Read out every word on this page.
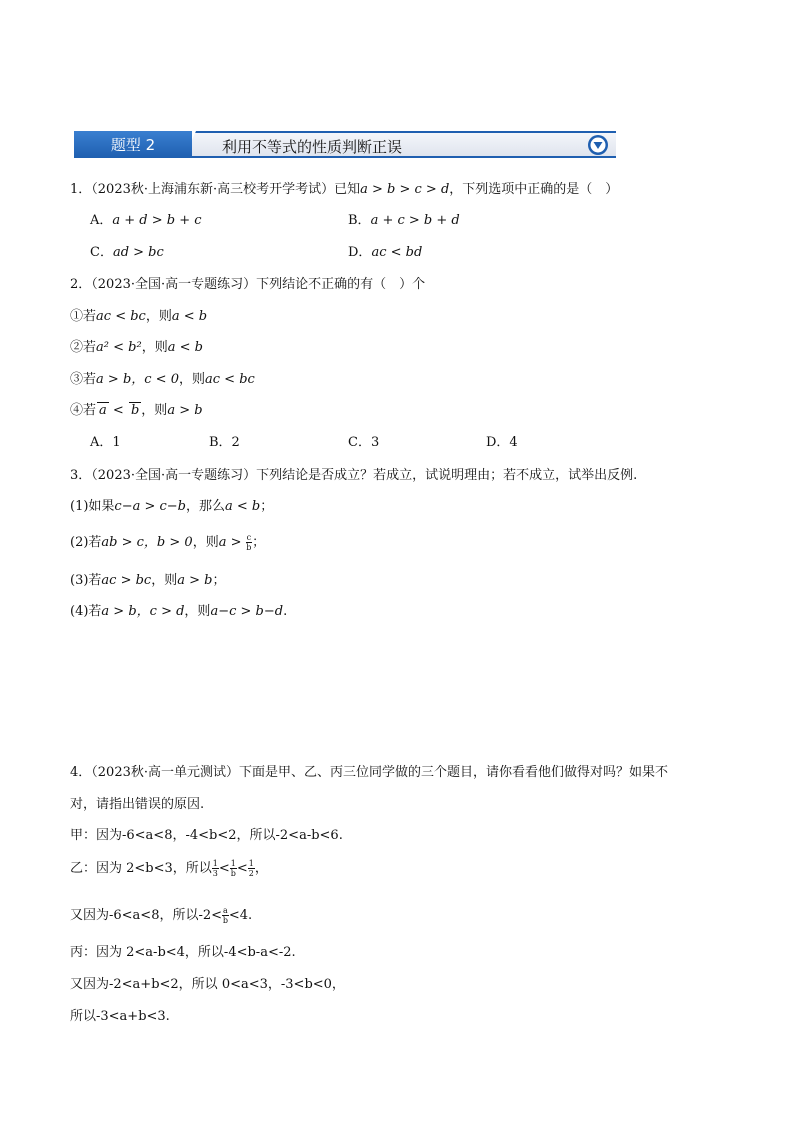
题型 2	利用不等式的性质判断正误
1．（2023秋·上海浦东新·高三校考开学考试）已知a > b > c > d，下列选项中正确的是（　）
A．a + d > b + c	B．a + c > b + d
C．ad > bc	D．ac < bd
2．（2023·全国·高一专题练习）下列结论不正确的有（　）个
①若ac < bc，则a < b
②若a² < b²，则a < b
③若a > b，c < 0，则ac < bc
④若 a < b ，则a > b
A．1	B．2	C．3	D．4
3．（2023·全国·高一专题练习）下列结论是否成立？若成立，试说明理由；若不成立，试举出反例.
(1)如果c−a > c−b，那么a < b；
(2)若ab > c，b > 0，则$a > \frac{c}{b}$ ；
(3)若ac > bc，则a > b；
(4)若a > b，c > d，则a−c > b−d.
4．（2023秋·高一单元测试）下面是甲、乙、丙三位同学做的三个题目，请你看看他们做得对吗？如果不
对，请指出错误的原因.
甲：因为-6<a<8，-4<b<2，所以-2<a-b<6.
乙：因为 2<b<3，所以 $\frac{1}{3} < \frac{1}{b} < \frac{1}{2}$ ，
又因为-6<a<8，所以$-2< \frac{a}{b} <4$.
丙：因为 2<a-b<4，所以-4<b-a<-2.
又因为-2<a+b<2，所以 0<a<3，-3<b<0，
所以-3<a+b<3.
